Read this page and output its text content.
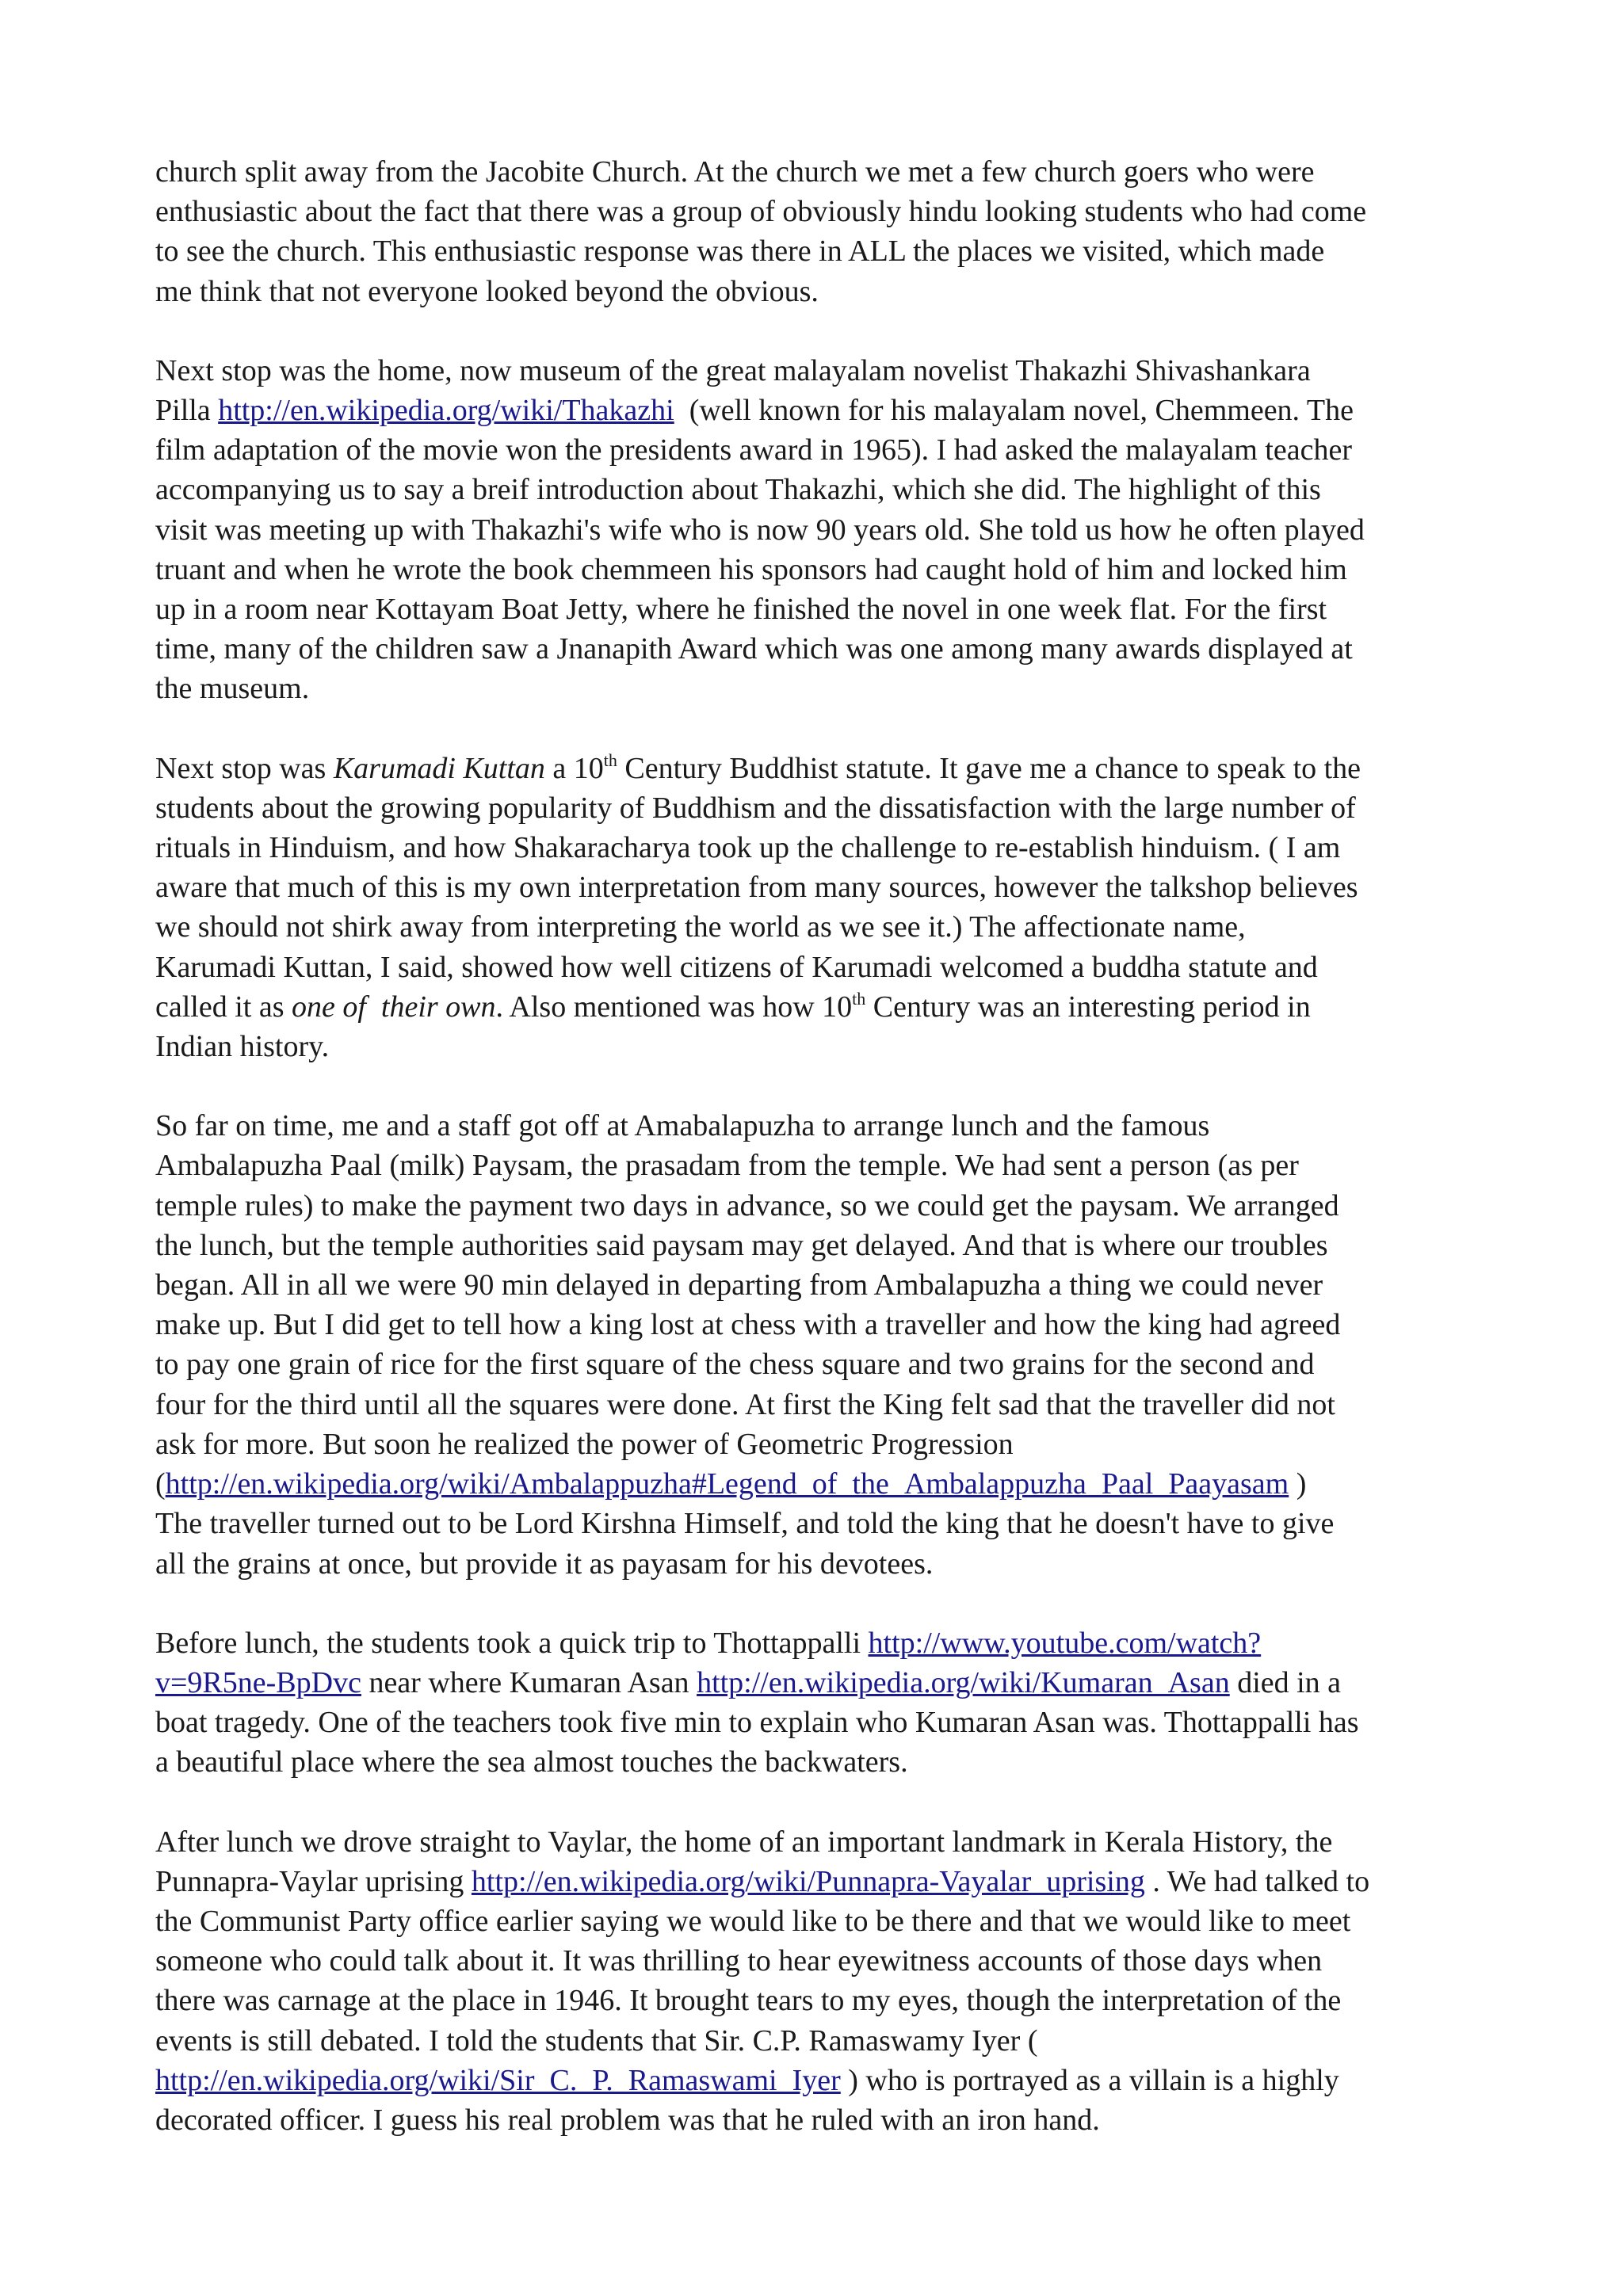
church split away from the Jacobite Church. At the church we met a few church goers who were
enthusiastic about the fact that there was a group of obviously hindu looking students who had come
to see the church. This enthusiastic response was there in ALL the places we visited, which made
me think that not everyone looked beyond the obvious.
Next stop was the home, now museum of the great malayalam novelist Thakazhi Shivashankara
Pilla http://en.wikipedia.org/wiki/Thakazhi  (well known for his malayalam novel, Chemmeen. The
film adaptation of the movie won the presidents award in 1965). I had asked the malayalam teacher
accompanying us to say a breif introduction about Thakazhi, which she did. The highlight of this
visit was meeting up with Thakazhi's wife who is now 90 years old. She told us how he often played
truant and when he wrote the book chemmeen his sponsors had caught hold of him and locked him
up in a room near Kottayam Boat Jetty, where he finished the novel in one week flat. For the first
time, many of the children saw a Jnanapith Award which was one among many awards displayed at
the museum.
Next stop was Karumadi Kuttan a 10th Century Buddhist statute. It gave me a chance to speak to the
students about the growing popularity of Buddhism and the dissatisfaction with the large number of
rituals in Hinduism, and how Shakaracharya took up the challenge to re-establish hinduism. ( I am
aware that much of this is my own interpretation from many sources, however the talkshop believes
we should not shirk away from interpreting the world as we see it.) The affectionate name,
Karumadi Kuttan, I said, showed how well citizens of Karumadi welcomed a buddha statute and
called it as one of  their own. Also mentioned was how 10th Century was an interesting period in
Indian history.
So far on time, me and a staff got off at Amabalapuzha to arrange lunch and the famous
Ambalapuzha Paal (milk) Paysam, the prasadam from the temple. We had sent a person (as per
temple rules) to make the payment two days in advance, so we could get the paysam. We arranged
the lunch, but the temple authorities said paysam may get delayed. And that is where our troubles
began. All in all we were 90 min delayed in departing from Ambalapuzha a thing we could never
make up. But I did get to tell how a king lost at chess with a traveller and how the king had agreed
to pay one grain of rice for the first square of the chess square and two grains for the second and
four for the third until all the squares were done. At first the King felt sad that the traveller did not
ask for more. But soon he realized the power of Geometric Progression
(http://en.wikipedia.org/wiki/Ambalappuzha#Legend_of_the_Ambalappuzha_Paal_Paayasam )
The traveller turned out to be Lord Kirshna Himself, and told the king that he doesn't have to give
all the grains at once, but provide it as payasam for his devotees.
Before lunch, the students took a quick trip to Thottappalli http://www.youtube.com/watch?
v=9R5ne-BpDvc near where Kumaran Asan http://en.wikipedia.org/wiki/Kumaran_Asan died in a
boat tragedy. One of the teachers took five min to explain who Kumaran Asan was. Thottappalli has
a beautiful place where the sea almost touches the backwaters.
After lunch we drove straight to Vaylar, the home of an important landmark in Kerala History, the
Punnapra-Vaylar uprising http://en.wikipedia.org/wiki/Punnapra-Vayalar_uprising . We had talked to
the Communist Party office earlier saying we would like to be there and that we would like to meet
someone who could talk about it. It was thrilling to hear eyewitness accounts of those days when
there was carnage at the place in 1946. It brought tears to my eyes, though the interpretation of the
events is still debated. I told the students that Sir. C.P. Ramaswamy Iyer (
http://en.wikipedia.org/wiki/Sir_C._P._Ramaswami_Iyer ) who is portrayed as a villain is a highly
decorated officer. I guess his real problem was that he ruled with an iron hand.
